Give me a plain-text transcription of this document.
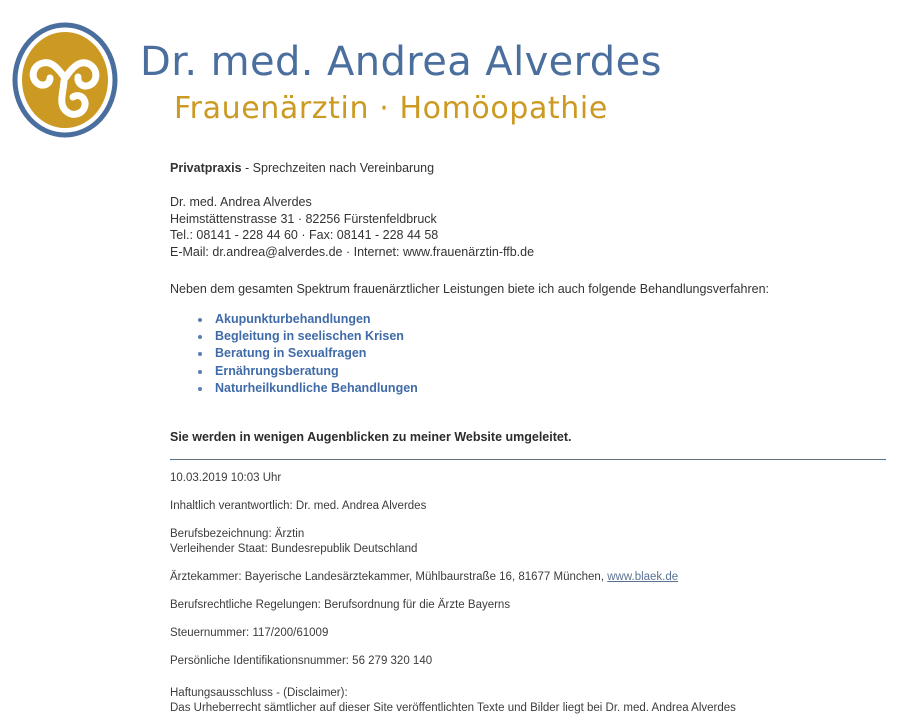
Dr. med. Andrea Alverdes
Frauenärztin · Homöopathie

Privatpraxis - Sprechzeiten nach Vereinbarung

Dr. med. Andrea Alverdes
Heimstättenstrasse 31 · 82256 Fürstenfeldbruck
Tel.: 08141 - 228 44 60 · Fax: 08141 - 228 44 58
E-Mail: dr.andrea@alverdes.de · Internet: www.frauenärztin-ffb.de
Neben dem gesamten Spektrum frauenärztlicher Leistungen biete ich auch folgende Behandlungsverfahren:
Akupunkturbehandlungen
Begleitung in seelischen Krisen
Beratung in Sexualfragen
Ernährungsberatung
Naturheilkundliche Behandlungen
Sie werden in wenigen Augenblicken zu meiner Website umgeleitet.
10.03.2019 10:03 Uhr
Inhaltlich verantwortlich: Dr. med. Andrea Alverdes
Berufsbezeichnung: Ärztin
Verleihender Staat: Bundesrepublik Deutschland
Ärztekammer: Bayerische Landesärztekammer, Mühlbaurstraße 16, 81677 München, www.blaek.de
Berufsrechtliche Regelungen: Berufsordnung für die Ärzte Bayerns
Steuernummer: 117/200/61009
Persönliche Identifikationsnummer: 56 279 320 140
Haftungsausschluss - (Disclaimer):
Das Urheberrecht sämtlicher auf dieser Site veröffentlichten Texte und Bilder liegt bei Dr. med. Andrea Alverdes
